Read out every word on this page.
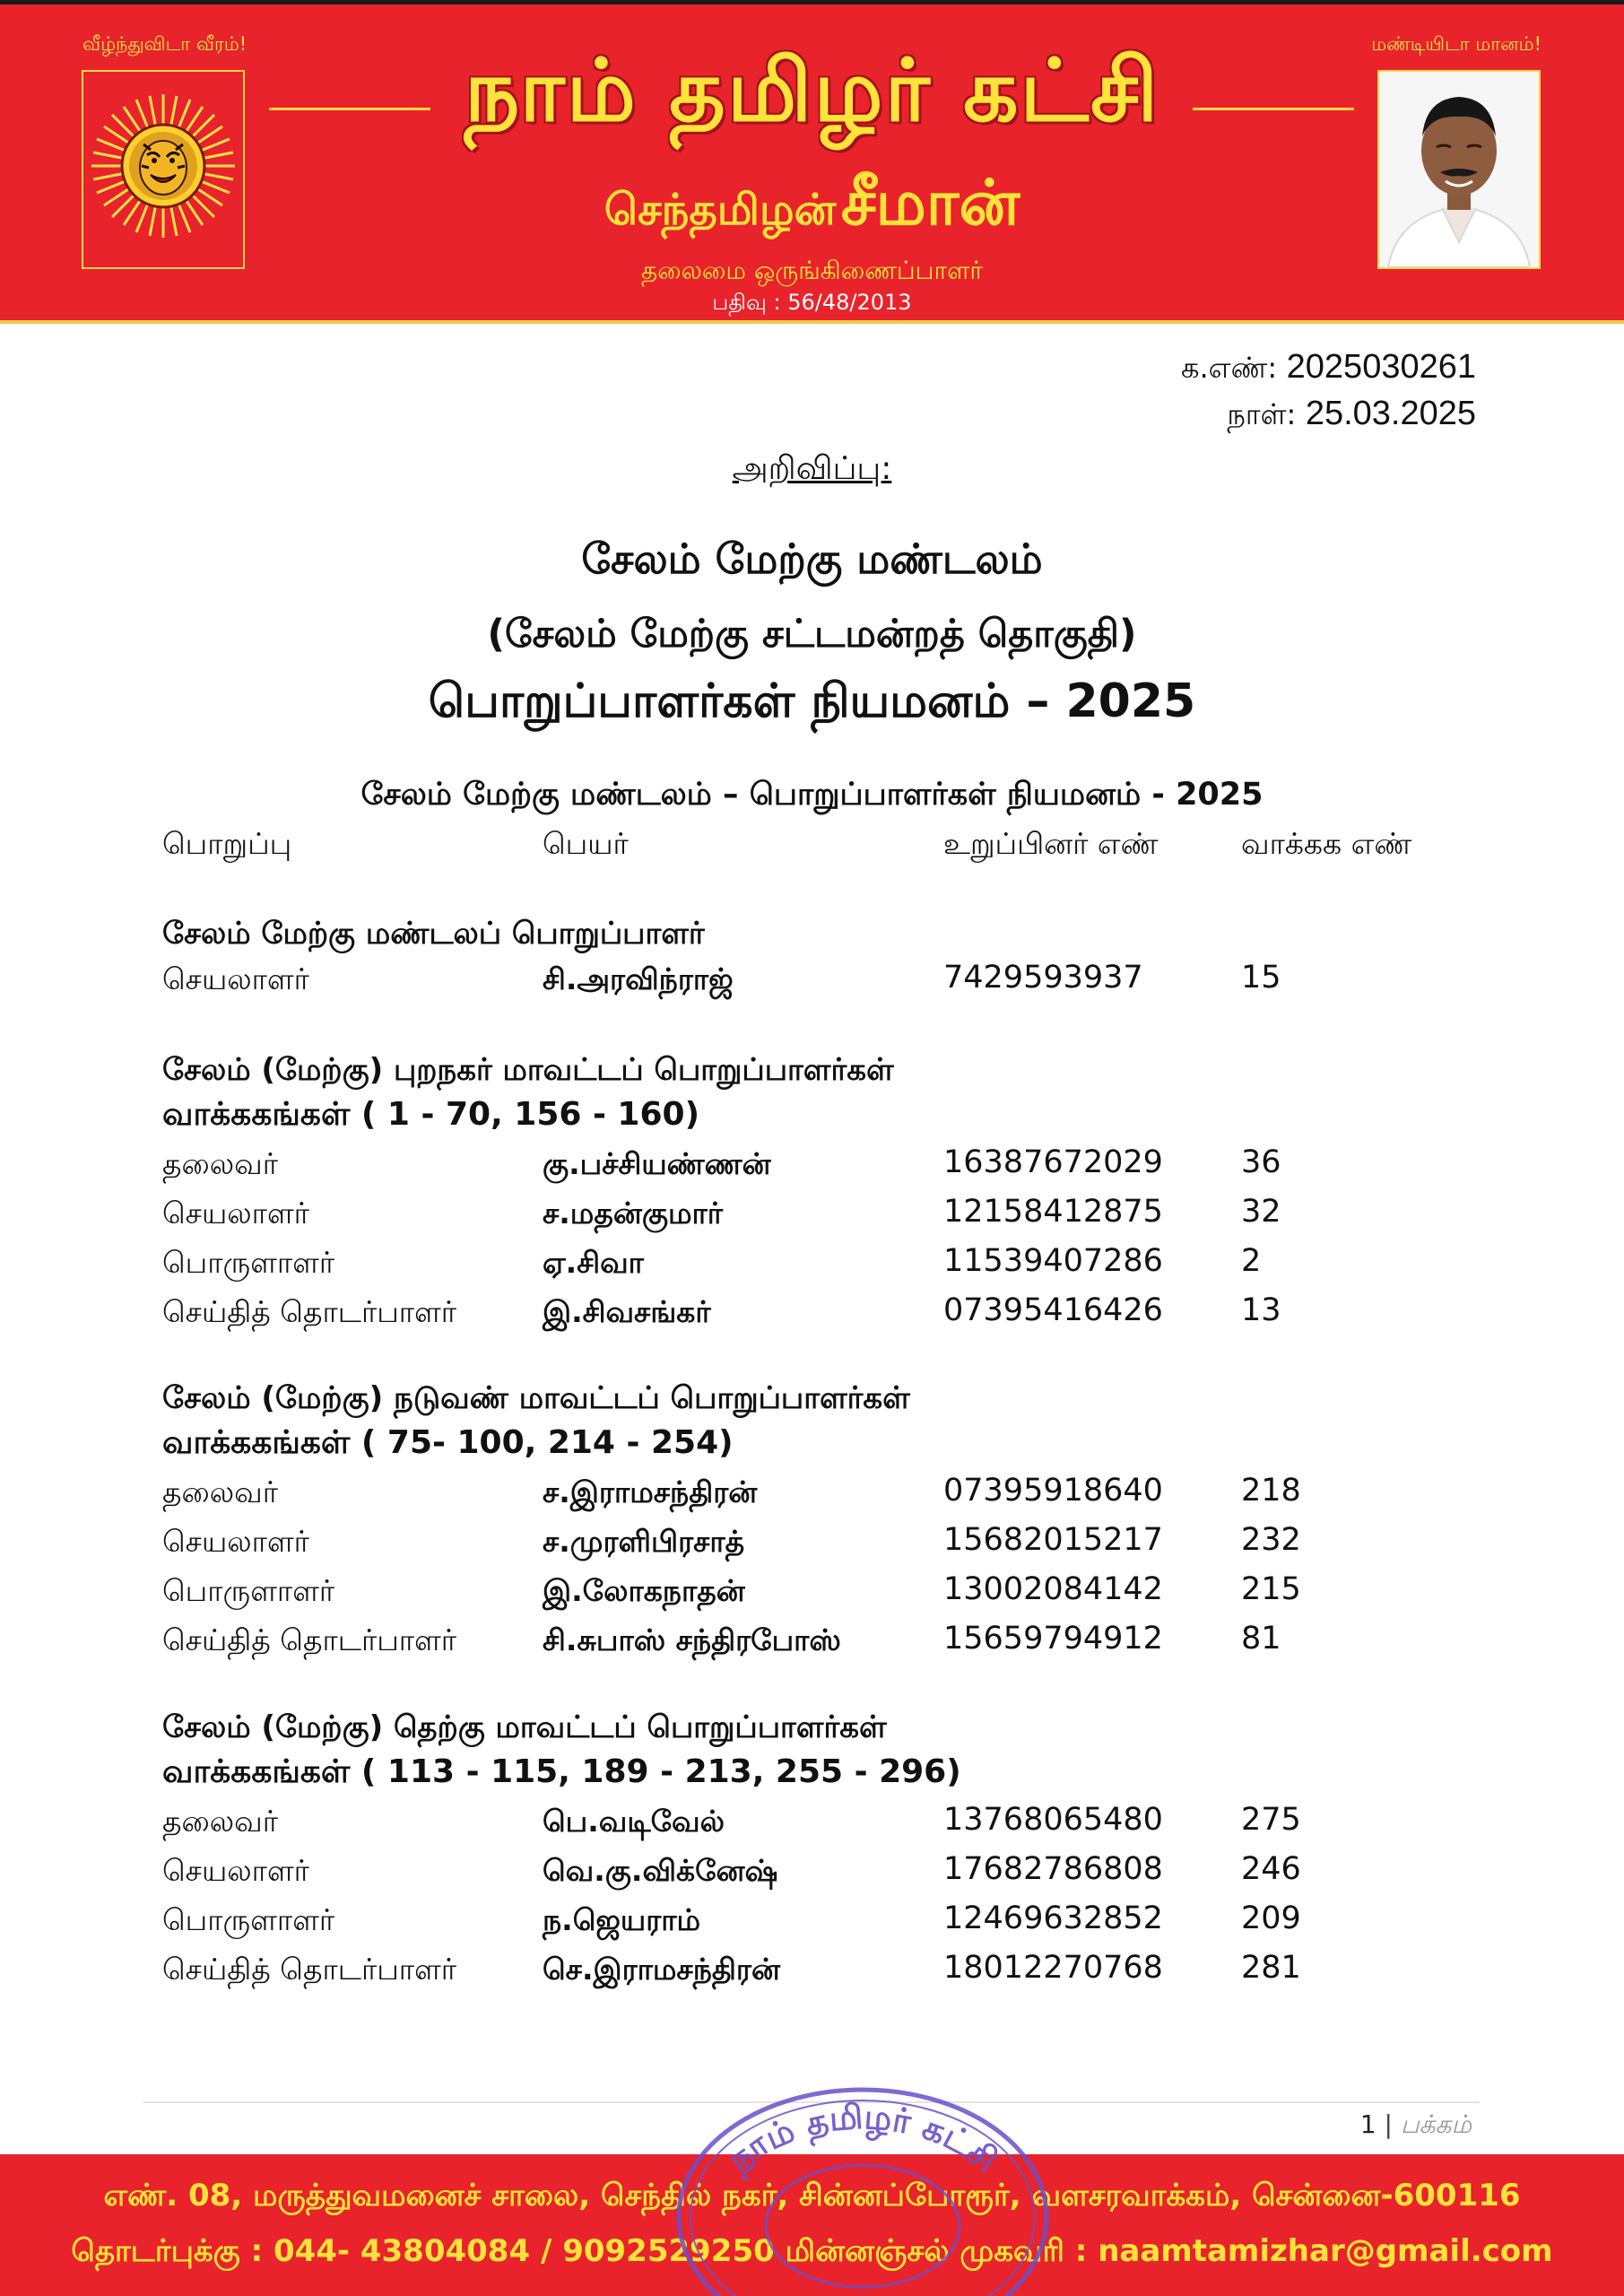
வீழ்ந்துவிடா வீரம்!	மண்டியிடா மானம்!
நாம் தமிழர் கட்சி
செந்தமிழன் சீமான்
தலைமை ஒருங்கிணைப்பாளர்
பதிவு : 56/48/2013
க.எண்: 2025030261
நாள்: 25.03.2025
அறிவிப்பு:
சேலம் மேற்கு மண்டலம்
(சேலம் மேற்கு சட்டமன்றத் தொகுதி)
பொறுப்பாளர்கள் நியமனம் – 2025
சேலம் மேற்கு மண்டலம் – பொறுப்பாளர்கள் நியமனம் - 2025
பொறுப்பு	பெயர்	உறுப்பினர் எண்	வாக்கக எண்
சேலம் மேற்கு மண்டலப் பொறுப்பாளர்
செயலாளர்	சி.அரவிந்ராஜ்	7429593937	15
சேலம் (மேற்கு) புறநகர் மாவட்டப் பொறுப்பாளர்கள்
வாக்ககங்கள் ( 1 - 70, 156 - 160)
தலைவர்	கு.பச்சியண்ணன்	16387672029 36
செயலாளர்	ச.மதன்குமார்	12158412875 32
பொருளாளர்	ஏ.சிவா	11539407286 2
செய்தித் தொடர்பாளர்	இ.சிவசங்கர்	07395416426 13
சேலம் (மேற்கு) நடுவண் மாவட்டப் பொறுப்பாளர்கள்
வாக்ககங்கள் ( 75- 100, 214 - 254)
தலைவர்	ச.இராமசந்திரன்	07395918640 218
செயலாளர்	ச.முரளிபிரசாத்	15682015217 232
பொருளாளர்	இ.லோகநாதன்	13002084142 215
செய்தித் தொடர்பாளர்	சி.சுபாஸ் சந்திரபோஸ்	15659794912 81
சேலம் (மேற்கு) தெற்கு மாவட்டப் பொறுப்பாளர்கள்
வாக்ககங்கள் ( 113 - 115, 189 - 213, 255 - 296)
தலைவர்	பெ.வடிவேல்	13768065480 275
செயலாளர்	வெ.கு.விக்னேஷ்	17682786808 246
பொருளாளர்	ந.ஜெயராம்	12469632852 209
செய்தித் தொடர்பாளர்	செ.இராமசந்திரன்	18012270768 281
1 | பக்கம்
எண். 08, மருத்துவமனைச் சாலை, செந்தில் நகர், சின்னப்போரூர், வளசரவாக்கம், சென்னை-600116
தொடர்புக்கு : 044- 43804084 / 9092529250 மின்னஞ்சல் முகவரி : naamtamizhar@gmail.com
நாம் தமிழர் கட்சி
